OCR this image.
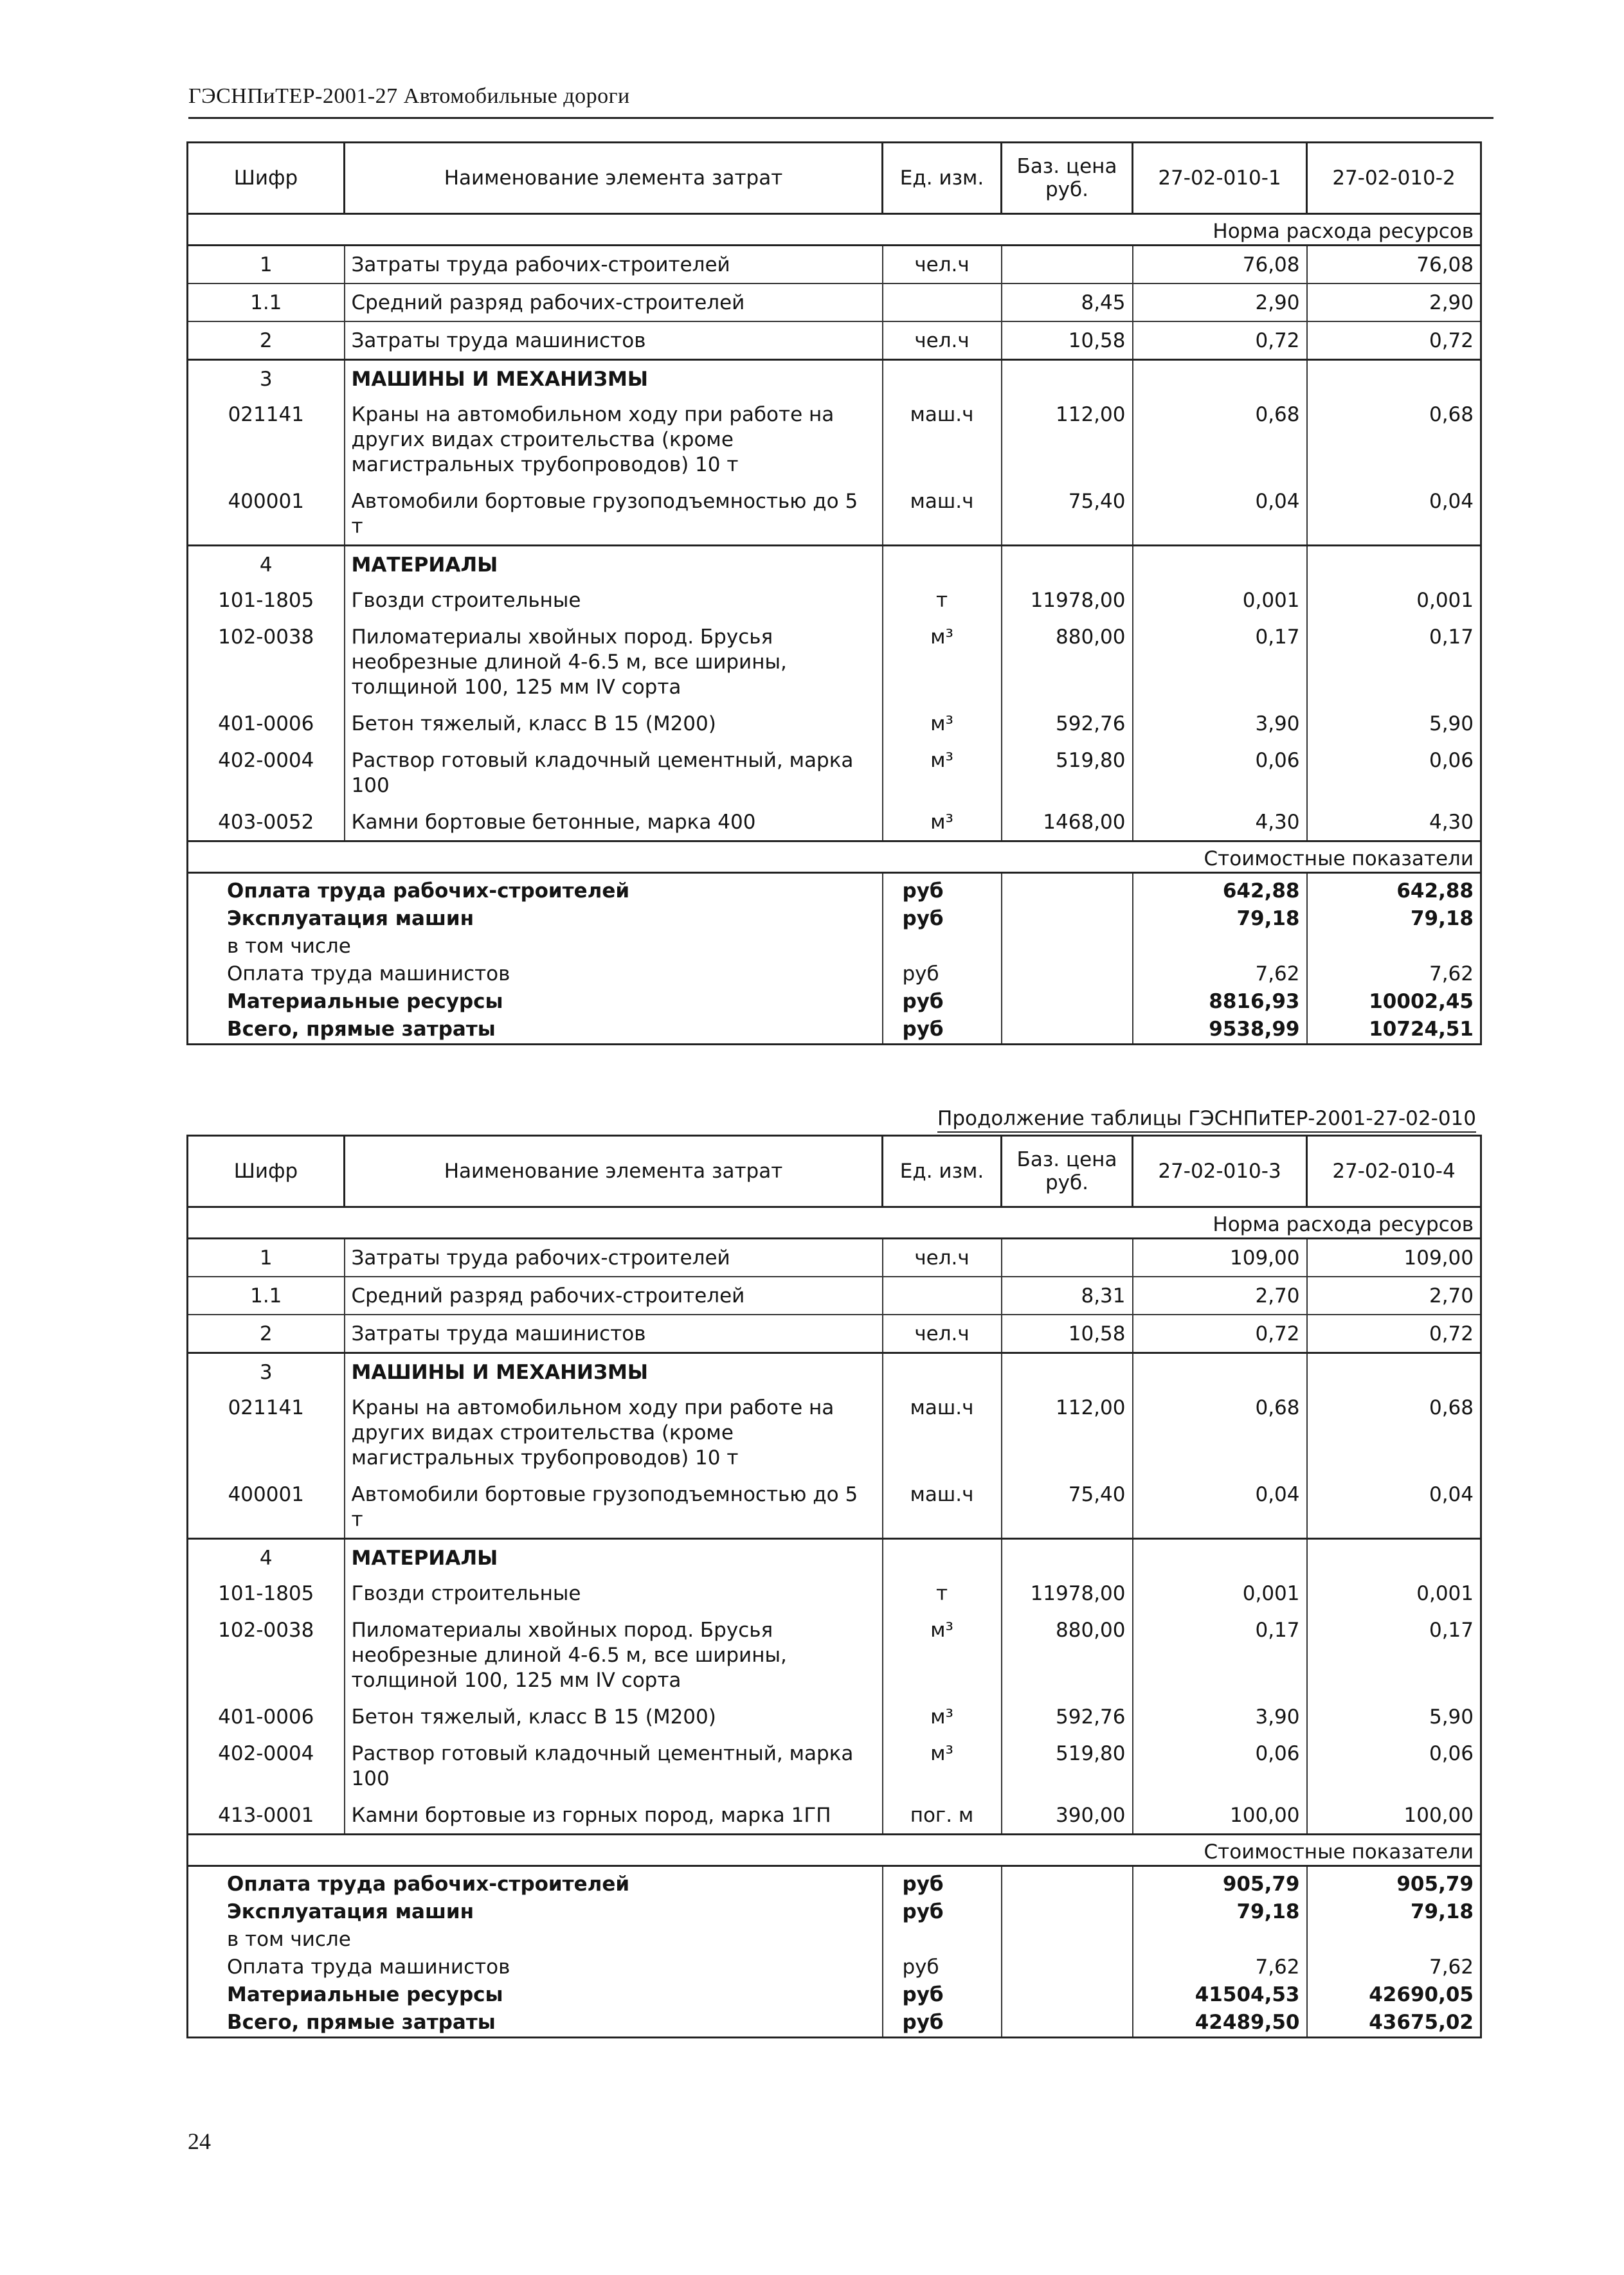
ГЭСНПиТЕР-2001-27 Автомобильные дороги
Шифр	Наименование элемента затрат	Ед. изм.	Баз. цена руб.	27-02-010-1	27-02-010-2
Норма расхода ресурсов					
1	Затраты труда рабочих-строителей	чел.ч		76,08	76,08
1.1	Средний разряд рабочих-строителей		8,45	2,90	2,90
2	Затраты труда машинистов	чел.ч	10,58	0,72	0,72
3	МАШИНЫ И МЕХАНИЗМЫ				
021141	Краны на автомобильном ходу при работе на других видах строительства (кроме магистральных трубопроводов) 10 т	маш.ч	112,00	0,68	0,68
400001	Автомобили бортовые грузоподъемностью до 5 т	маш.ч	75,40	0,04	0,04
4	МАТЕРИАЛЫ				
101-1805	Гвозди строительные	т	11978,00	0,001	0,001
102-0038	Пиломатериалы хвойных пород. Брусья необрезные длиной 4-6.5 м, все ширины, толщиной 100, 125 мм IV сорта	м³	880,00	0,17	0,17
401-0006	Бетон тяжелый, класс В 15 (М200)	м³	592,76	3,90	5,90
402-0004	Раствор готовый кладочный цементный, марка 100	м³	519,80	0,06	0,06
403-0052	Камни бортовые бетонные, марка 400	м³	1468,00	4,30	4,30
Стоимостные показатели					
Оплата труда рабочих-строителей		руб		642,88	642,88
Эксплуатация машин		руб		79,18	79,18
в том числе					
Оплата труда машинистов		руб		7,62	7,62
Материальные ресурсы		руб		8816,93	10002,45
Всего, прямые затраты		руб		9538,99	10724,51
Продолжение таблицы ГЭСНПиТЕР-2001-27-02-010
Шифр	Наименование элемента затрат	Ед. изм.	Баз. цена руб.	27-02-010-3	27-02-010-4
Норма расхода ресурсов					
1	Затраты труда рабочих-строителей	чел.ч		109,00	109,00
1.1	Средний разряд рабочих-строителей		8,31	2,70	2,70
2	Затраты труда машинистов	чел.ч	10,58	0,72	0,72
3	МАШИНЫ И МЕХАНИЗМЫ				
021141	Краны на автомобильном ходу при работе на других видах строительства (кроме магистральных трубопроводов) 10 т	маш.ч	112,00	0,68	0,68
400001	Автомобили бортовые грузоподъемностью до 5 т	маш.ч	75,40	0,04	0,04
4	МАТЕРИАЛЫ				
101-1805	Гвозди строительные	т	11978,00	0,001	0,001
102-0038	Пиломатериалы хвойных пород. Брусья необрезные длиной 4-6.5 м, все ширины, толщиной 100, 125 мм IV сорта	м³	880,00	0,17	0,17
401-0006	Бетон тяжелый, класс В 15 (М200)	м³	592,76	3,90	5,90
402-0004	Раствор готовый кладочный цементный, марка 100	м³	519,80	0,06	0,06
413-0001	Камни бортовые из горных пород, марка 1ГП	пог. м	390,00	100,00	100,00
Стоимостные показатели					
Оплата труда рабочих-строителей		руб		905,79	905,79
Эксплуатация машин		руб		79,18	79,18
в том числе					
Оплата труда машинистов		руб		7,62	7,62
Материальные ресурсы		руб		41504,53	42690,05
Всего, прямые затраты		руб		42489,50	43675,02
24
